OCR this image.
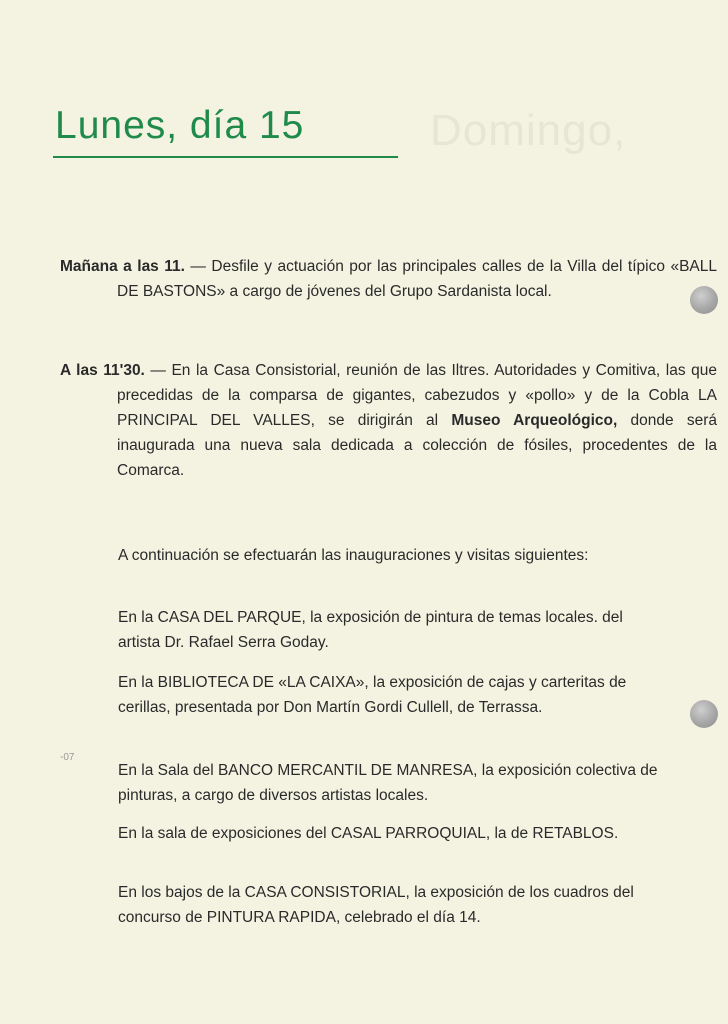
Domingo,
Lunes, día 15
-07

Mañana a las 11. — Desfile y actuación por las principales calles de la Villa del típico «BALL DE BASTONS» a cargo de jóvenes del Grupo Sardanista local.

A las 11'30. — En la Casa Consistorial, reunión de las Iltres. Autoridades y Comitiva, las que precedidas de la comparsa de gigantes, cabezudos y «pollo» y de la Cobla LA PRINCIPAL DEL VALLES, se dirigirán al Museo Arqueológico, donde será inaugurada una nueva sala dedicada a colección de fósiles, procedentes de la Comarca.

A continuación se efectuarán las inauguraciones y visitas siguientes:

En la CASA DEL PARQUE, la exposición de pintura de temas locales. del artista Dr. Rafael Serra Goday.

En la BIBLIOTECA DE «LA CAIXA», la exposición de cajas y carteritas de cerillas, presentada por Don Martín Gordi Cullell, de Terrassa.

En la Sala del BANCO MERCANTIL DE MANRESA, la exposición colectiva de pinturas, a cargo de diversos artistas locales.

En la sala de exposiciones del CASAL PARROQUIAL, la de RETABLOS.

En los bajos de la CASA CONSISTORIAL, la exposición de los cuadros del concurso de PINTURA RAPIDA, celebrado el día 14.
